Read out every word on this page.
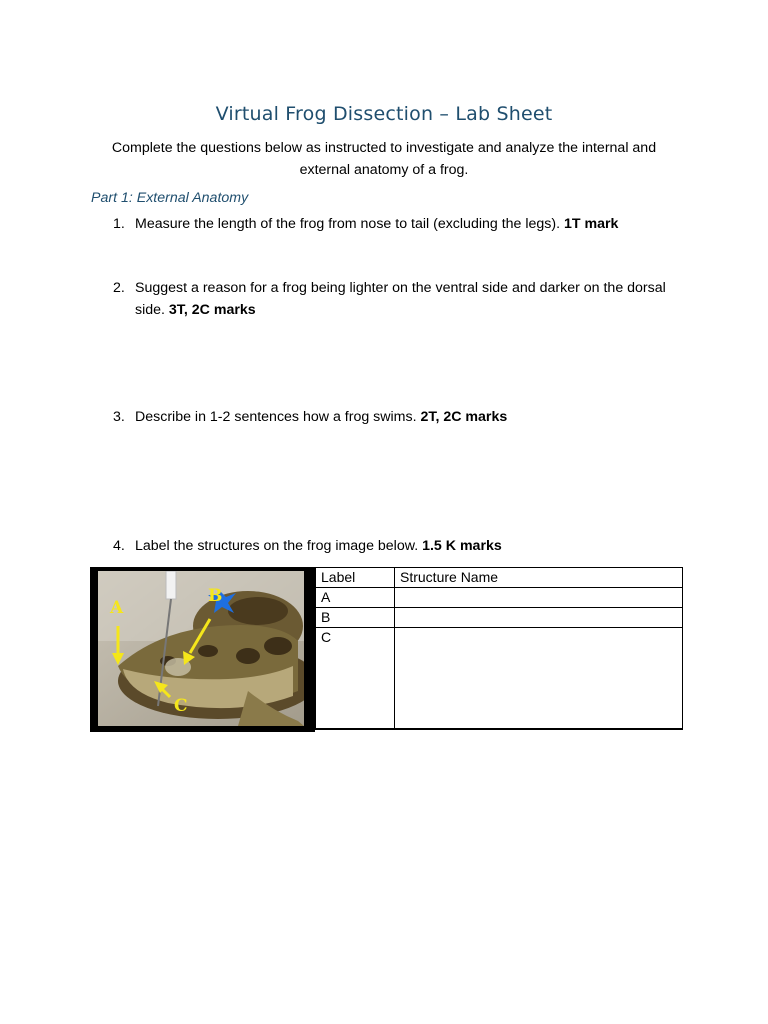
Virtual Frog Dissection – Lab Sheet
Complete the questions below as instructed to investigate and analyze the internal and external anatomy of a frog.
Part 1: External Anatomy
1. Measure the length of the frog from nose to tail (excluding the legs). 1T mark
2. Suggest a reason for a frog being lighter on the ventral side and darker on the dorsal side. 3T, 2C marks
3. Describe in 1-2 sentences how a frog swims. 2T, 2C marks
4. Label the structures on the frog image below. 1.5 K marks
A
B
C
Label	Structure Name
A	
B	
C	
